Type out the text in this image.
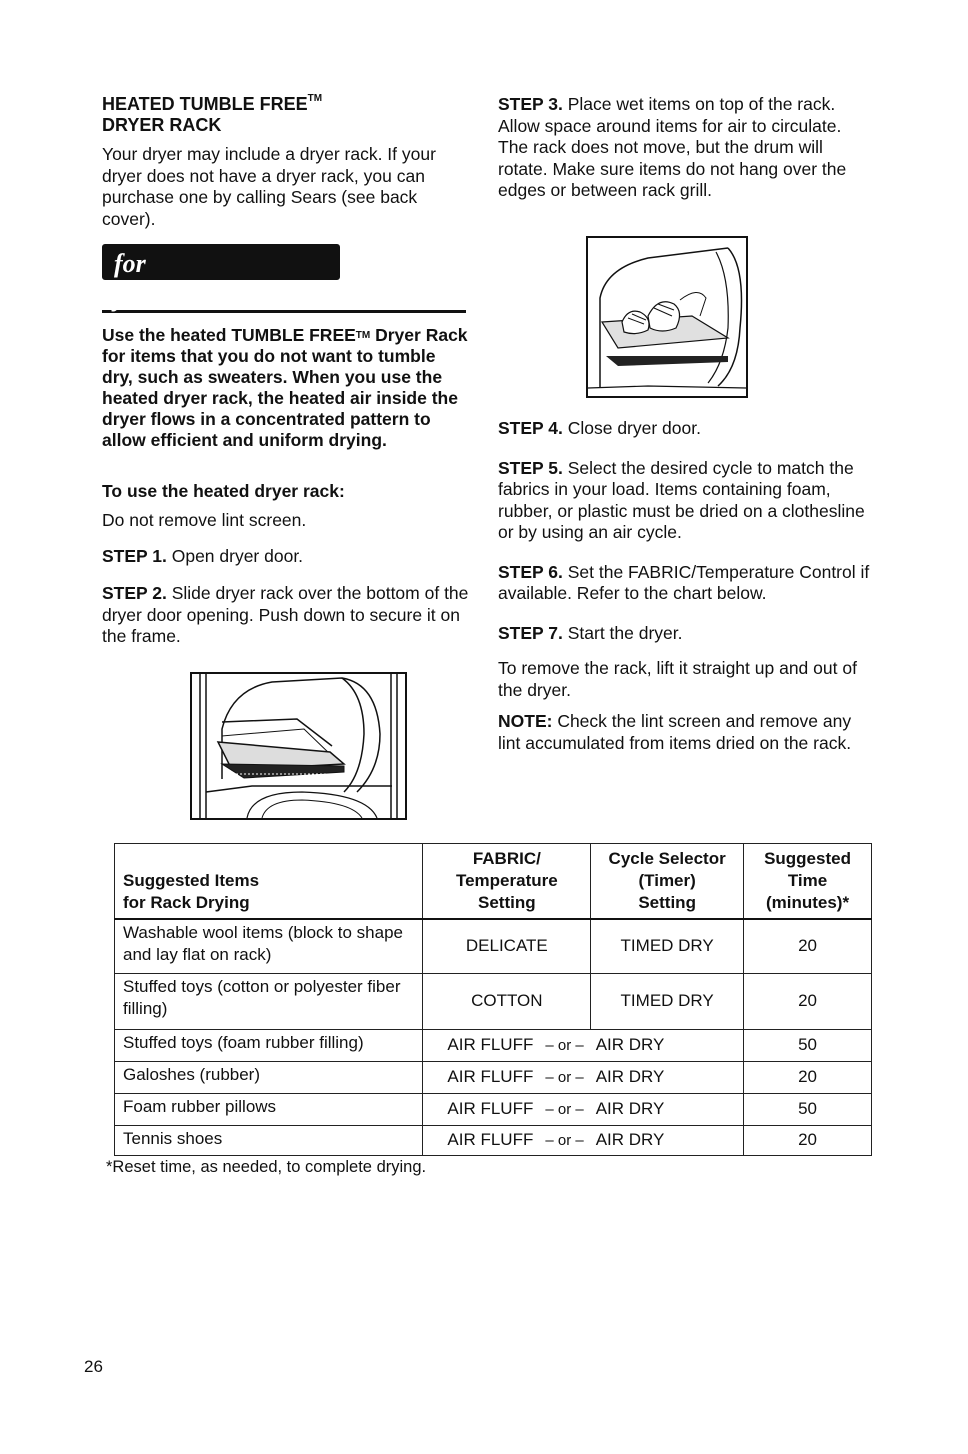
HEATED TUMBLE FREE™
DRYER RACK

Your dryer may include a dryer rack. If your dryer does not have a dryer rack, you can purchase one by calling Sears (see back cover).

for your Benefit
Use the heated TUMBLE FREE™ Dryer Rack for items that you do not want to tumble dry, such as sweaters. When you use the heated dryer rack, the heated air inside the dryer flows in a concentrated pattern to allow efficient and uniform drying.
To use the heated dryer rack:

Do not remove lint screen.

STEP 1. Open dryer door.

STEP 2. Slide dryer rack over the bottom of the dryer door opening. Push down to secure it on the frame.

STEP 3. Place wet items on top of the rack. Allow space around items for air to circulate. The rack does not move, but the drum will rotate. Make sure items do not hang over the edges or between rack grill.

STEP 4. Close dryer door.

STEP 5. Select the desired cycle to match the fabrics in your load. Items containing foam, rubber, or plastic must be dried on a clothesline or by using an air cycle.

STEP 6. Set the FABRIC/Temperature Control if available. Refer to the chart below.

STEP 7. Start the dryer.

To remove the rack, lift it straight up and out of the dryer.

NOTE: Check the lint screen and remove any lint accumulated from items dried on the rack.

Suggested Items
for Rack Drying	FABRIC/
Temperature
Setting	Cycle Selector
(Timer)
Setting	Suggested
Time
(minutes)*
Washable wool items (block to shape and lay flat on rack)	DELICATE	TIMED DRY	20
Stuffed toys (cotton or polyester fiber filling)	COTTON	TIMED DRY	20
Stuffed toys (foam rubber filling)	AIR FLUFF – or – AIR DRY		50
Galoshes (rubber)	AIR FLUFF – or – AIR DRY		20
Foam rubber pillows	AIR FLUFF – or – AIR DRY		50
Tennis shoes	AIR FLUFF – or – AIR DRY		20
*Reset time, as needed, to complete drying.
26
